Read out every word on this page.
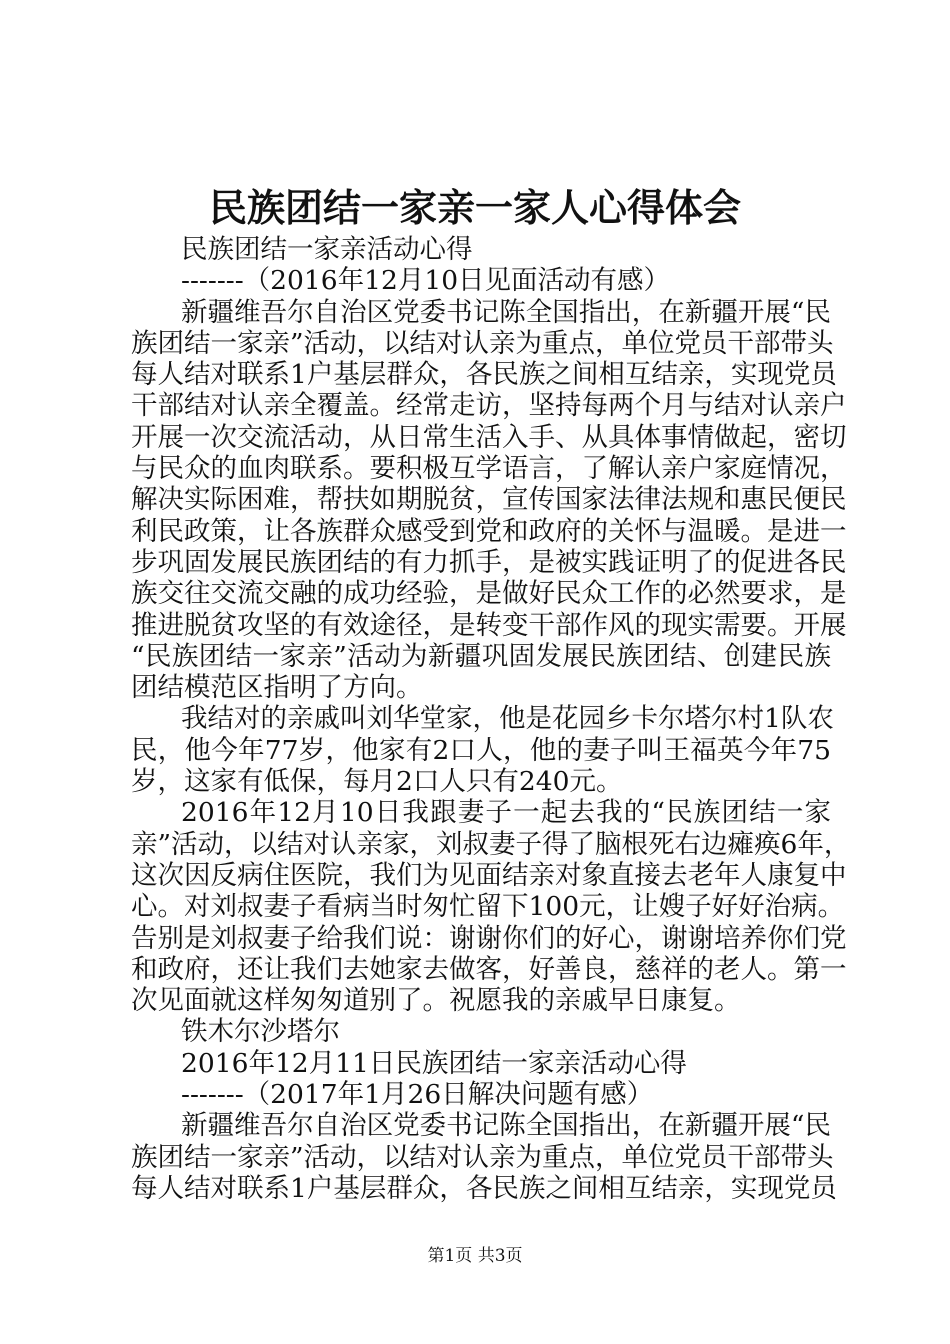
民族团结一家亲一家人心得体会
民族团结一家亲活动心得
-------（2016年12月10日见面活动有感）
新疆维吾尔自治区党委书记陈全国指出，在新疆开展“民
族团结一家亲”活动，以结对认亲为重点，单位党员干部带头
每人结对联系1户基层群众，各民族之间相互结亲，实现党员
干部结对认亲全覆盖。经常走访，坚持每两个月与结对认亲户
开展一次交流活动，从日常生活入手、从具体事情做起，密切
与民众的血肉联系。要积极互学语言，了解认亲户家庭情况，
解决实际困难，帮扶如期脱贫，宣传国家法律法规和惠民便民
利民政策，让各族群众感受到党和政府的关怀与温暖。是进一
步巩固发展民族团结的有力抓手，是被实践证明了的促进各民
族交往交流交融的成功经验，是做好民众工作的必然要求，是
推进脱贫攻坚的有效途径，是转变干部作风的现实需要。开展
“民族团结一家亲”活动为新疆巩固发展民族团结、创建民族
团结模范区指明了方向。
我结对的亲戚叫刘华堂家，他是花园乡卡尔塔尔村1队农
民，他今年77岁，他家有2口人，他的妻子叫王福英今年75
岁，这家有低保，每月2口人只有240元。
2016年12月10日我跟妻子一起去我的“民族团结一家
亲”活动，以结对认亲家，刘叔妻子得了脑根死右边瘫痪6年，
这次因反病住医院，我们为见面结亲对象直接去老年人康复中
心。对刘叔妻子看病当时匆忙留下100元，让嫂子好好治病。
告别是刘叔妻子给我们说：谢谢你们的好心，谢谢培养你们党
和政府，还让我们去她家去做客，好善良，慈祥的老人。第一
次见面就这样匆匆道别了。祝愿我的亲戚早日康复。
铁木尔沙塔尔
2016年12月11日民族团结一家亲活动心得
-------（2017年1月26日解决问题有感）
新疆维吾尔自治区党委书记陈全国指出，在新疆开展“民
族团结一家亲”活动，以结对认亲为重点，单位党员干部带头
每人结对联系1户基层群众，各民族之间相互结亲，实现党员
第1页 共3页
